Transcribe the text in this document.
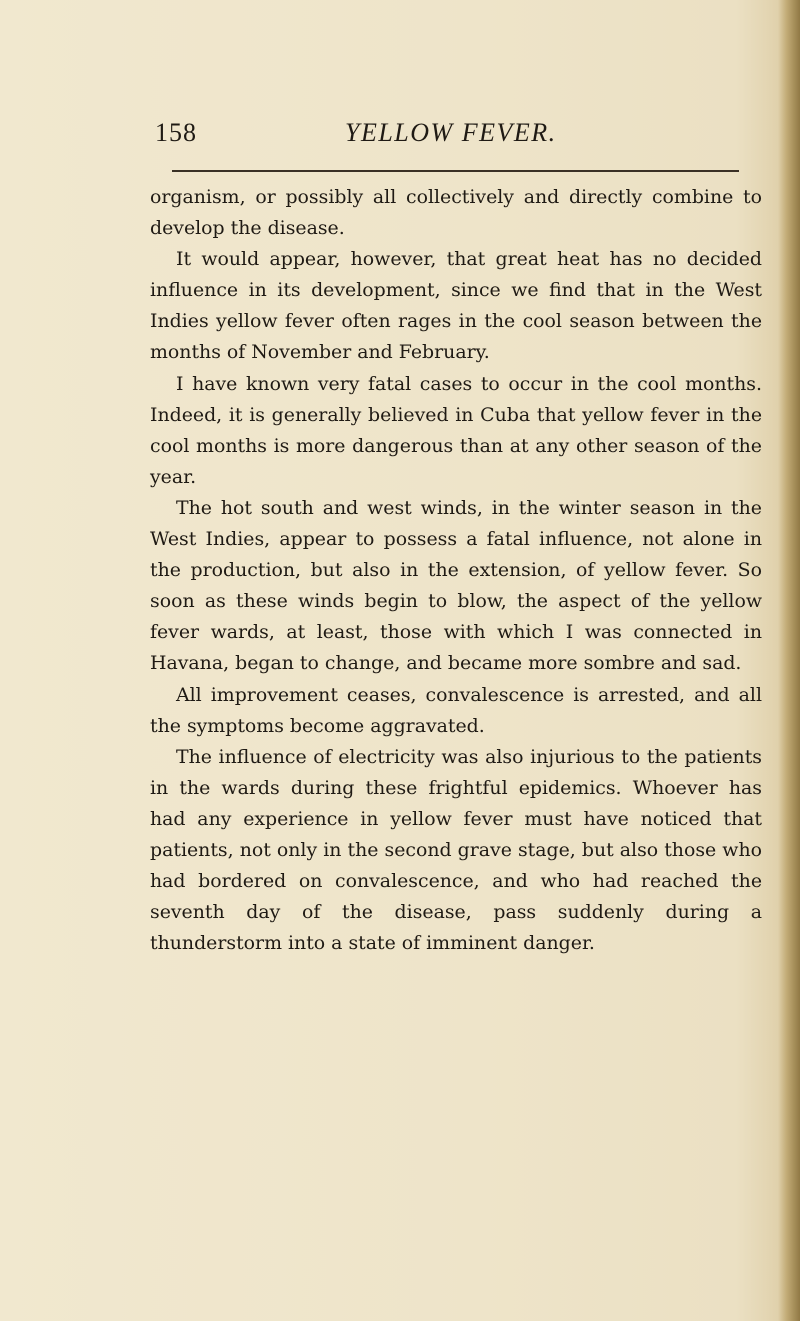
158	YELLOW FEVER.

organism, or possibly all collectively and directly combine to develop the disease.

It would appear, however, that great heat has no decided influence in its development, since we find that in the West Indies yellow fever often rages in the cool season between the months of November and February.

I have known very fatal cases to occur in the cool months. Indeed, it is generally believed in Cuba that yellow fever in the cool months is more dangerous than at any other season of the year.

The hot south and west winds, in the winter season in the West Indies, appear to possess a fatal influence, not alone in the production, but also in the extension, of yellow fever. So soon as these winds begin to blow, the aspect of the yellow fever wards, at least, those with which I was connected in Havana, began to change, and became more sombre and sad.

All improvement ceases, convalescence is arrested, and all the symptoms become aggravated.

The influence of electricity was also injurious to the patients in the wards during these frightful epidemics. Whoever has had any experience in yellow fever must have noticed that patients, not only in the second grave stage, but also those who had bordered on convalescence, and who had reached the seventh day of the disease, pass suddenly during a thunderstorm into a state of imminent danger.
